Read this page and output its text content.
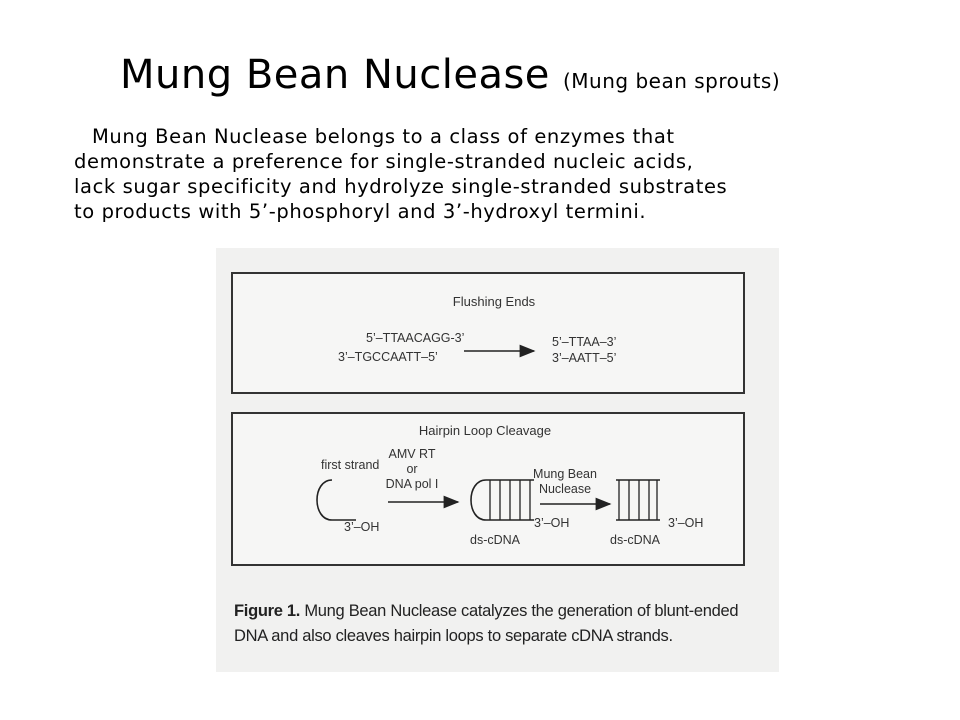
Mung Bean Nuclease (Mung bean sprouts)

Mung Bean Nuclease belongs to a class of enzymes that
demonstrate a preference for single-stranded nucleic acids,
lack sugar specificity and hydrolyze single-stranded substrates
to products with 5’-phosphoryl and 3’-hydroxyl termini.

Flushing Ends
5’–TTAACAGG-3’
3’–TGCCAATT–5’
5’–TTAA–3’
3’–AATT–5’
Hairpin Loop Cleavage
first strand
3’–OH
AMV RT
or
DNA pol I
3’–OH
ds-cDNA
Mung Bean
Nuclease
3’–OH
ds-cDNA
Figure 1. Mung Bean Nuclease catalyzes the generation of blunt-ended DNA and also cleaves hairpin loops to separate cDNA strands.
